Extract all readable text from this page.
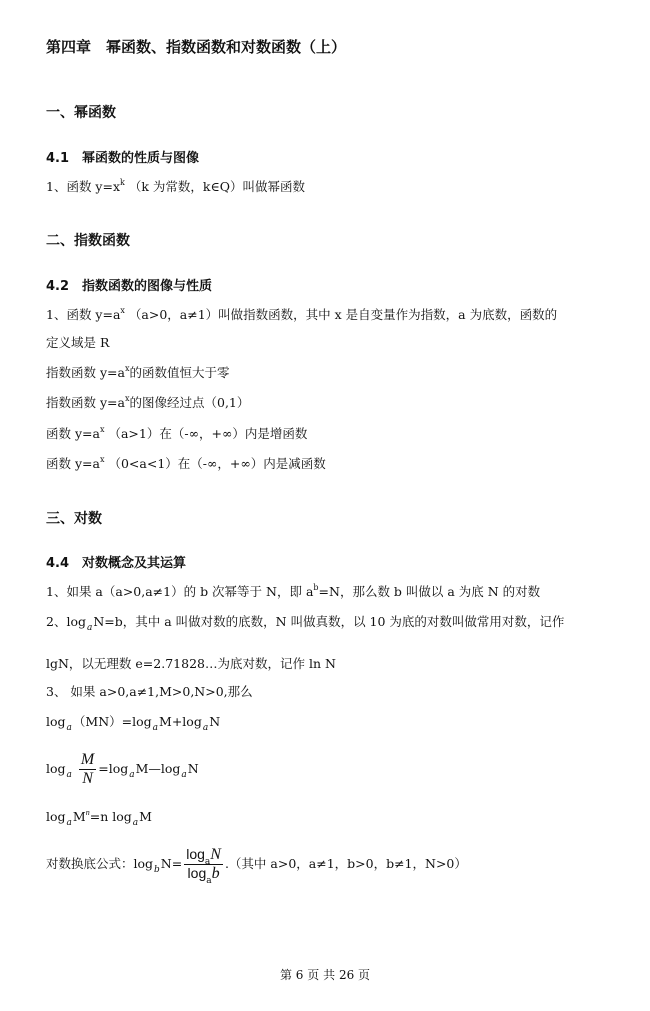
第四章　幂函数、指数函数和对数函数（上）
一、幂函数
4.1　幂函数的性质与图像
1、函数 $y=x^k$ （k 为常数，k∈Q）叫做幂函数
二、指数函数
4.2　指数函数的图像与性质
1、函数 $y=a^x$ （a>0，a≠1）叫做指数函数，其中 x 是自变量作为指数，a 为底数，函数的
定义域是 R
指数函数 $y=a^x$的函数值恒大于零
指数函数 $y=a^x$的图像经过点（0,1）
函数 $y=a^x$ （a>1）在（-∞，+∞）内是增函数
函数 $y=a^x$ （0<a<1）在（-∞，+∞）内是减函数
三、对数
4.4　对数概念及其运算
1、如果 a（a>0,a≠1）的 b 次幂等于 N，即 $a^b=N$，那么数 b 叫做以 a 为底 N 的对数
2、$\log_aN=b$，其中 a 叫做对数的底数，N 叫做真数，以 10 为底的对数叫做常用对数，记作
lgN，以无理数 e=2.71828…为底对数，记作 ln N
3、 如果 a>0,a≠1,M>0,N>0,那么
$\log_a(MN)=\log_aM+\log_aN$
$\log_a \frac{M}{N}$ $=\log_aM—\log_aN$
$\log_aM^n=n$ $\log_aM$
对数换底公式：$\log_bN= \frac{\log_aN}{\log_ab}$ .（其中 a>0，a≠1，b>0，b≠1，N>0）
第 6 页 共 26 页
